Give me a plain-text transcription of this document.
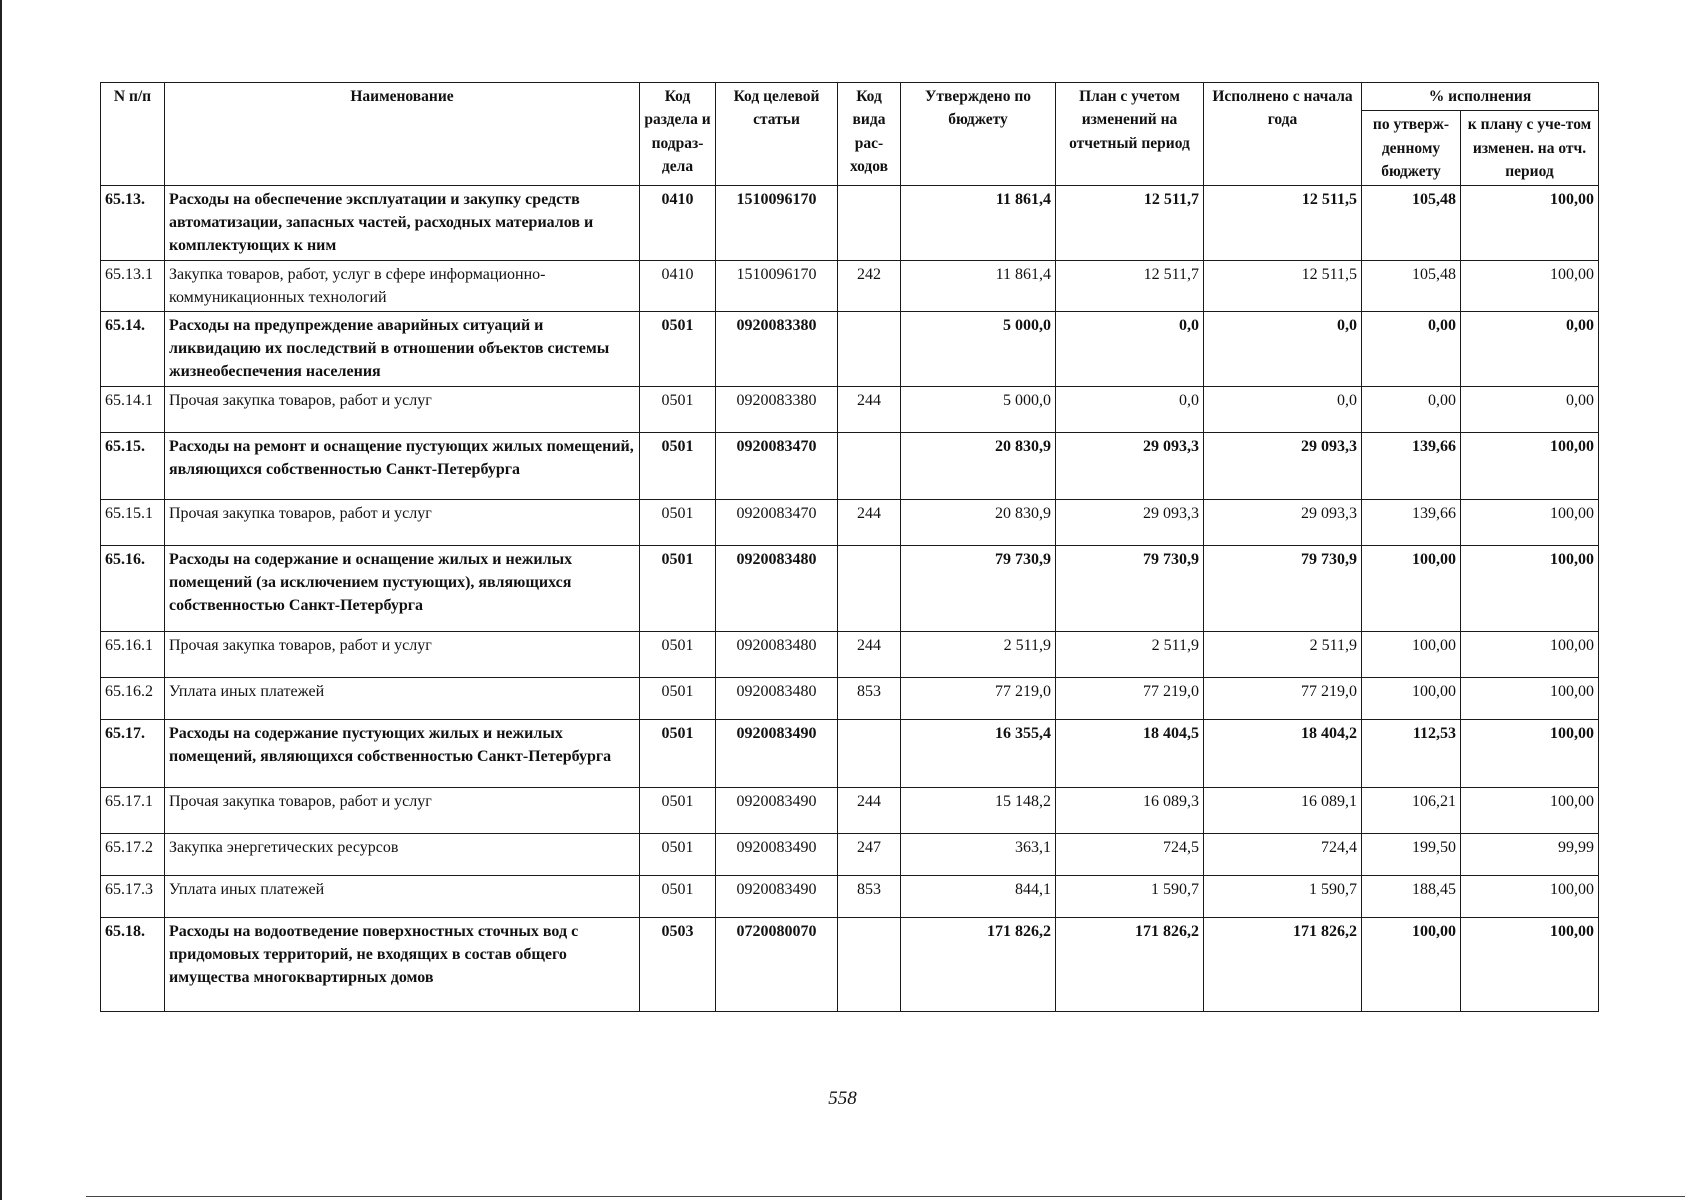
N п/п	Наименование	Код раздела и подраз-дела	Код целевой статьи	Код вида рас-ходов	Утверждено по бюджету	План с учетом изменений на отчетный период	Исполнено с начала года	% исполнения	
								по утверж-денному бюджету	к плану с уче-том изменен. на отч. период
65.13.	Расходы на обеспечение эксплуатации и закупку средств автоматизации, запасных частей, расходных материалов и комплектующих к ним	0410	1510096170		11 861,4	12 511,7	12 511,5	105,48	100,00
65.13.1	Закупка товаров, работ, услуг в сфере информационно-коммуникационных технологий	0410	1510096170	242	11 861,4	12 511,7	12 511,5	105,48	100,00
65.14.	Расходы на предупреждение аварийных ситуаций и ликвидацию их последствий в отношении объектов системы жизнеобеспечения населения	0501	0920083380		5 000,0	0,0	0,0	0,00	0,00
65.14.1	Прочая закупка товаров, работ и услуг	0501	0920083380	244	5 000,0	0,0	0,0	0,00	0,00
65.15.	Расходы на ремонт и оснащение пустующих жилых помещений, являющихся собственностью Санкт-Петербурга	0501	0920083470		20 830,9	29 093,3	29 093,3	139,66	100,00
65.15.1	Прочая закупка товаров, работ и услуг	0501	0920083470	244	20 830,9	29 093,3	29 093,3	139,66	100,00
65.16.	Расходы на содержание и оснащение жилых и нежилых помещений (за исключением пустующих), являющихся собственностью Санкт-Петербурга	0501	0920083480		79 730,9	79 730,9	79 730,9	100,00	100,00
65.16.1	Прочая закупка товаров, работ и услуг	0501	0920083480	244	2 511,9	2 511,9	2 511,9	100,00	100,00
65.16.2	Уплата иных платежей	0501	0920083480	853	77 219,0	77 219,0	77 219,0	100,00	100,00
65.17.	Расходы на содержание пустующих жилых и нежилых помещений, являющихся собственностью Санкт-Петербурга	0501	0920083490		16 355,4	18 404,5	18 404,2	112,53	100,00
65.17.1	Прочая закупка товаров, работ и услуг	0501	0920083490	244	15 148,2	16 089,3	16 089,1	106,21	100,00
65.17.2	Закупка энергетических ресурсов	0501	0920083490	247	363,1	724,5	724,4	199,50	99,99
65.17.3	Уплата иных платежей	0501	0920083490	853	844,1	1 590,7	1 590,7	188,45	100,00
65.18.	Расходы на водоотведение поверхностных сточных вод с придомовых территорий, не входящих в состав общего имущества многоквартирных домов	0503	0720080070		171 826,2	171 826,2	171 826,2	100,00	100,00
558
